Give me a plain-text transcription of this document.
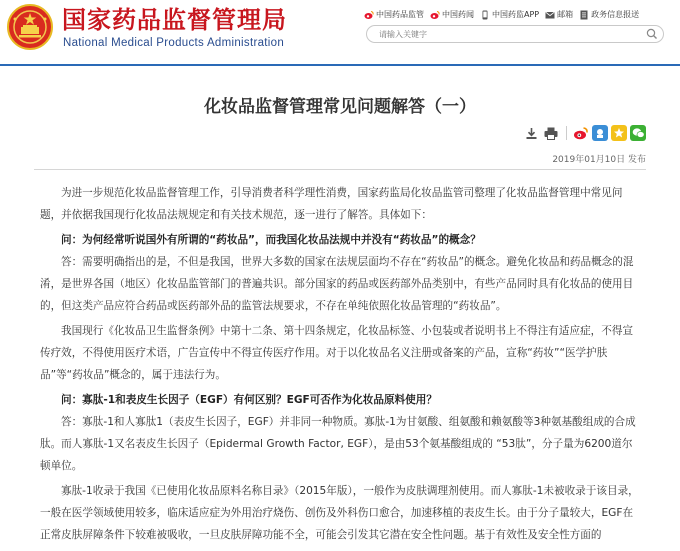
国家药品监督管理局
National Medical Products Administration
中国药品监管 中国药闻 中国药监APP 邮箱 政务信息报送
请输入关键字
化妆品监督管理常见问题解答（一）
2019年01月10日 发布

为进一步规范化妆品监督管理工作，引导消费者科学理性消费，国家药监局化妆品监管司整理了化妆品监督管理中常见问题，并依据我国现行化妆品法规规定和有关技术规范，逐一进行了解答。具体如下：

问：为何经常听说国外有所谓的“药妆品”，而我国化妆品法规中并没有“药妆品”的概念？

答：需要明确指出的是，不但是我国，世界大多数的国家在法规层面均不存在“药妆品”的概念。避免化妆品和药品概念的混淆，是世界各国（地区）化妆品监管部门的普遍共识。部分国家的药品或医药部外品类别中，有些产品同时具有化妆品的使用目的，但这类产品应符合药品或医药部外品的监管法规要求，不存在单纯依照化妆品管理的“药妆品”。

我国现行《化妆品卫生监督条例》中第十二条、第十四条规定，化妆品标签、小包装或者说明书上不得注有适应症，不得宣传疗效，不得使用医疗术语，广告宣传中不得宣传医疗作用。对于以化妆品名义注册或备案的产品，宣称“药妆”“医学护肤品”等“药妆品”概念的，属于违法行为。

问：寡肽-1和表皮生长因子（EGF）有何区别？EGF可否作为化妆品原料使用？

答：寡肽-1和人寡肽1（表皮生长因子，EGF）并非同一种物质。寡肽-1为甘氨酸、组氨酸和赖氨酸等3种氨基酸组成的合成肽。而人寡肽-1又名表皮生长因子（Epidermal Growth Factor, EGF），是由53个氨基酸组成的 “53肽”，分子量为6200道尔顿单位。

寡肽-1收录于我国《已使用化妆品原料名称目录》（2015年版），一般作为皮肤调理剂使用。而人寡肽-1未被收录于该目录，一般在医学领域使用较多，临床适应症为外用治疗烧伤、创伤及外科伤口愈合，加速移植的表皮生长。由于分子量较大，EGF在正常皮肤屏障条件下较难被吸收，一旦皮肤屏障功能不全，可能会引发其它潜在安全性问题。基于有效性及安全性方面的
